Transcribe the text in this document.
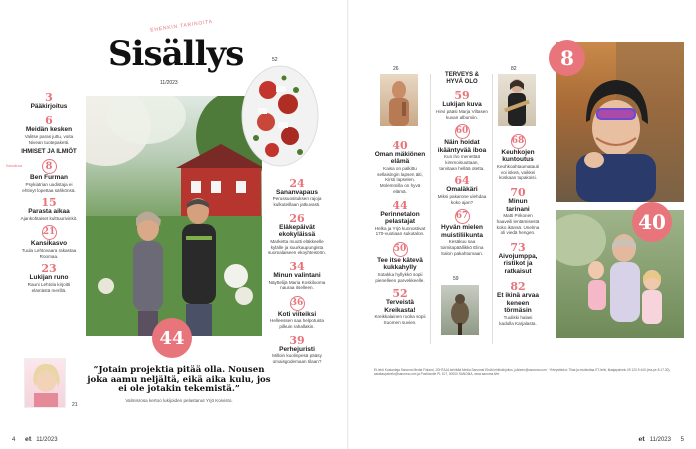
EHENKIN TARINOITA
Sisällys
11/2023
3
Pääkirjoitus
6
Meidän kesken
Valitse paras juttu, voita Nivean tuotepaketti.
IHMISET JA ILMIÖT
8
Kansikuva
Ben Furman
Psykiatrian uudistaja ei ehtinyt lopettaa sähkönsä.
15
Parasta aikaa
Ajankohtaiset kulttuurivinkit.
21
Kansikasvo
Tuula Lehtovaara rakastaa Roomaa.
23
Lukijan runo
Rauni Lehtola kirjoitti elämästä merillä.
44
52
24
Sananvapaus
Perussuosituksen rajoja kulkuteillaan jatkuvasti.
26
Eläkepäivät ekokyläissä
Marketta muutti eläkkeelle kylälle ja suurkaupungista suomalaiseen ekoyhteisöön.
34
Minun valintani
Näyttelijä Maria Koskiluoma nauraa itselleen.
36
Koti viiteiksi
Helleessen saa helpotusta pilkuin rahallakin.
39
Perhejuristi
Milloin kuolinpesä pääsy omaisgodemaan tilaan?
21
”Jotain projektia pitää olla. Nousen joka aamu neljältä, eikä aika kulu, jos ei ole jotakin tekemistä.”
Valmisrosa kertoo lukijoiden pelastanut Yrjö Koivisto.
4 et 11/2023
26
40
Oman mäkiönen elämä
Kaisa on palkittu sellaisingin lapsen äiti, Kirsti lapselen. Molemmilla on hyvä elämä.
44
Perinnetalon pelastajat
Helka ja Yrjö kunnostivat 170-vuotiaan sukutalon.
50
Tee itse kätevä kukkahylly
Sotakka hyllykkö sopii pienelleen parvekkeelle.
52
Terveistä Kreikasta!
Kreikkalainen ruoka sopii Suomen suvien.
TERVEYS & HYVÄ OLO
59
Lukijan kuva
Hirvi pääsi Marja Viltasen kuvan albumiin.
60
Näin hoidat ikääntyvää iboa
Kun iho menettää kimmoisuuttaan, tarvitaan hellää otetta.
64
Omaläkäri
Miksi pakarone ulehdaa koko ajan?
67
Hyvän mielen muistiliikunta
Kesäkuu saa toimitapäällikkö Elina Salon pakahtumaan.
59
82
68
Keuhkojen kuntoutus
Keuhkoahtaumatauti voi iskeä, vaikkei koskaan tupakoisi.
70
Minun tarinani
Matti Pirkonen haaveili lentämisestä koko ikänsä. Unelma oli viedä hengen.
73
Aivojumppa, ristikot ja ratkaisut
82
Et ikinä arvaa keneen törmäsin
Tuulikki halasi kadulla Karjalasta.
8
40
Et-lehti Kustantaja Sanoma Media Finland, JOHTAJA kehittää Media Sanomat Ehdä lehtiinkirjoitus, julkisen@sanoma.com · Yhteystiedot: Tilaa ja muistuttaa ET-lehti, tilaajapalvelu 09 120 5 440 (ma-pe 8-17.30), asiakaspalvelu@sanoma.com ja Postiosoite PL 107, 00000 SANOMA, www.sanoma.fi/et
et 11/2023 5
